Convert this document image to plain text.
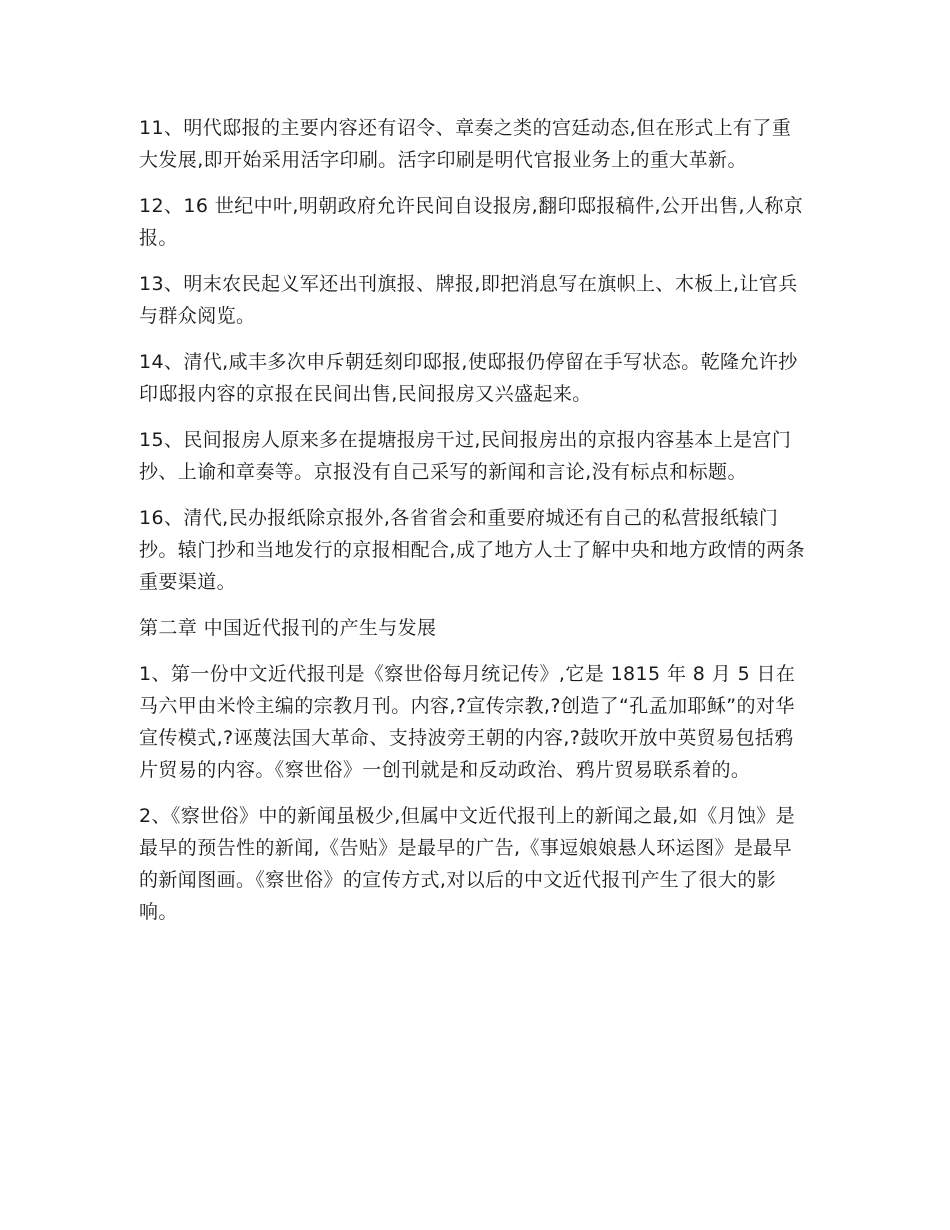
11、明代邸报的主要内容还有诏令、章奏之类的宫廷动态,但在形式上有了重大发展,即开始采用活字印刷。活字印刷是明代官报业务上的重大革新。

12、16 世纪中叶,明朝政府允许民间自设报房,翻印邸报稿件,公开出售,人称京报。

13、明末农民起义军还出刊旗报、牌报,即把消息写在旗帜上、木板上,让官兵与群众阅览。

14、清代,咸丰多次申斥朝廷刻印邸报,使邸报仍停留在手写状态。乾隆允许抄印邸报内容的京报在民间出售,民间报房又兴盛起来。

15、民间报房人原来多在提塘报房干过,民间报房出的京报内容基本上是宫门抄、上谕和章奏等。京报没有自己采写的新闻和言论,没有标点和标题。

16、清代,民办报纸除京报外,各省省会和重要府城还有自己的私营报纸辕门抄。辕门抄和当地发行的京报相配合,成了地方人士了解中央和地方政情的两条重要渠道。

第二章 中国近代报刊的产生与发展

1、第一份中文近代报刊是《察世俗每月统记传》,它是 1815 年 8 月 5 日在马六甲由米怜主编的宗教月刊。内容,?宣传宗教,?创造了“孔孟加耶稣”的对华宣传模式,?诬蔑法国大革命、支持波旁王朝的内容,?鼓吹开放中英贸易包括鸦片贸易的内容。《察世俗》一创刊就是和反动政治、鸦片贸易联系着的。

2、《察世俗》中的新闻虽极少,但属中文近代报刊上的新闻之最,如《月蚀》是最早的预告性的新闻,《告贴》是最早的广告,《事逗娘娘悬人环运图》是最早的新闻图画。《察世俗》的宣传方式,对以后的中文近代报刊产生了很大的影响。
